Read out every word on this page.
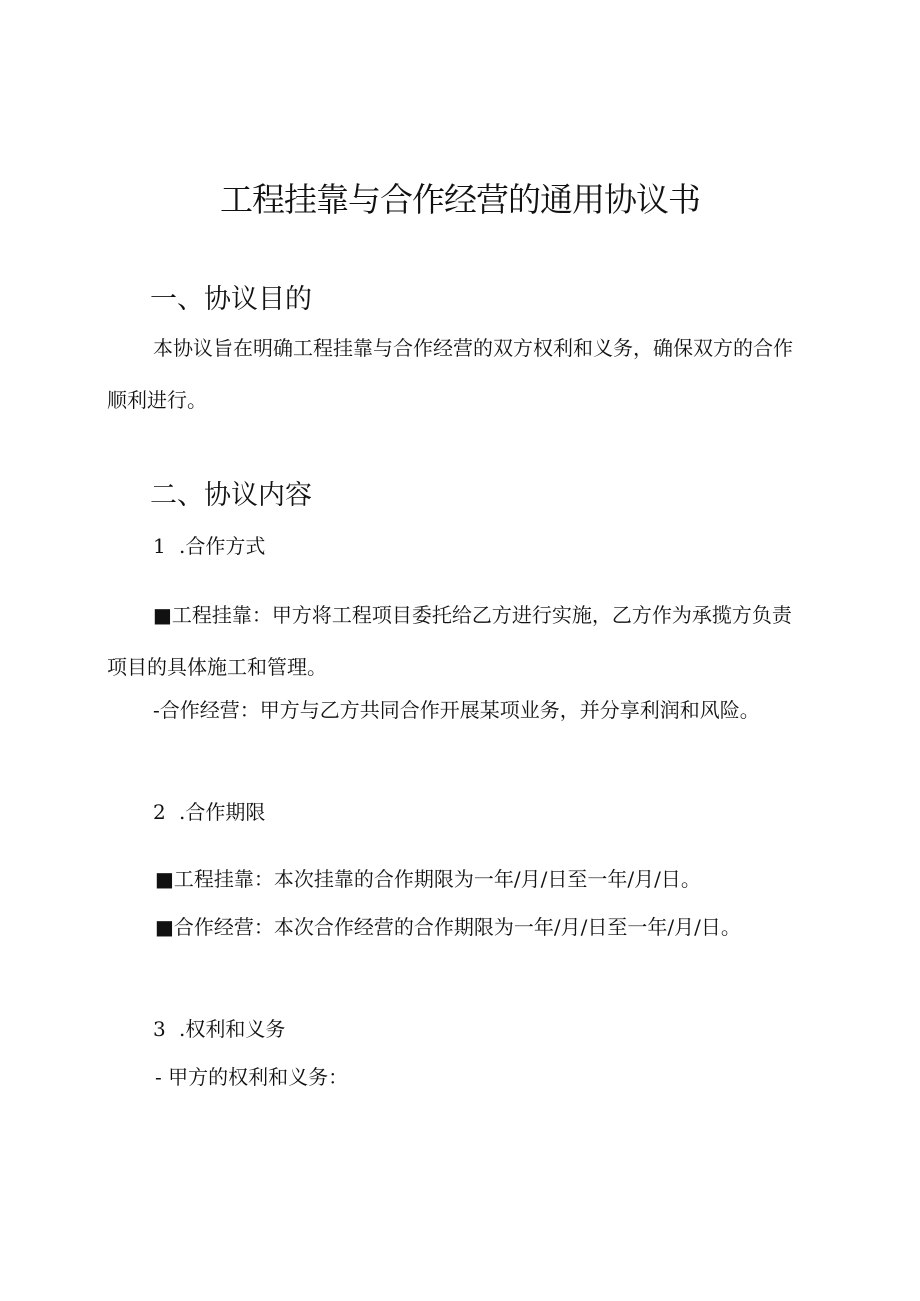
工程挂靠与合作经营的通用协议书
一、协议目的
本协议旨在明确工程挂靠与合作经营的双方权利和义务，确保双方的合作顺利进行。
二、协议内容
1 .合作方式
■工程挂靠：甲方将工程项目委托给乙方进行实施，乙方作为承揽方负责项目的具体施工和管理。
-合作经营：甲方与乙方共同合作开展某项业务，并分享利润和风险。
2 .合作期限
■工程挂靠：本次挂靠的合作期限为一年/月/日至一年/月/日。
■合作经营：本次合作经营的合作期限为一年/月/日至一年/月/日。
3 .权利和义务
- 甲方的权利和义务：
